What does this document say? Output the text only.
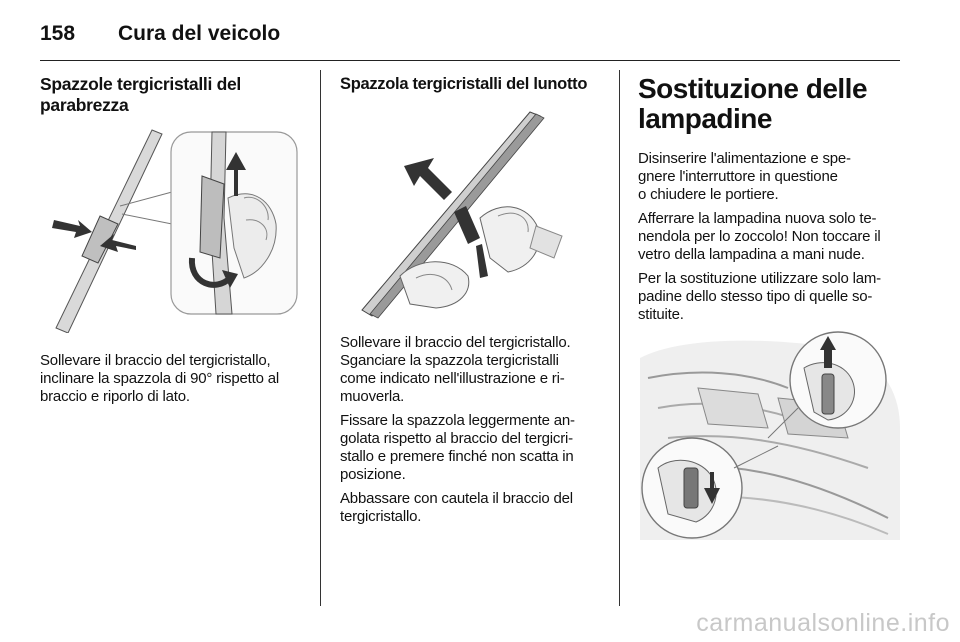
158 Cura del veicolo
Spazzole tergicristalli del
parabrezza

Sollevare il braccio del tergicristallo,
inclinare la spazzola di 90° rispetto al
braccio e riporlo di lato.

Spazzola tergicristalli del lunotto

Sollevare il braccio del tergicristallo.
Sganciare la spazzola tergicristalli
come indicato nell'illustrazione e ri-
muoverla.

Fissare la spazzola leggermente an-
golata rispetto al braccio del tergicri-
stallo e premere finché non scatta in
posizione.

Abbassare con cautela il braccio del
tergicristallo.

Sostituzione delle
lampadine

Disinserire l'alimentazione e spe-
gnere l'interruttore in questione
o chiudere le portiere.

Afferrare la lampadina nuova solo te-
nendola per lo zoccolo! Non toccare il
vetro della lampadina a mani nude.

Per la sostituzione utilizzare solo lam-
padine dello stesso tipo di quelle so-
stituite.

carmanualsonline.info
